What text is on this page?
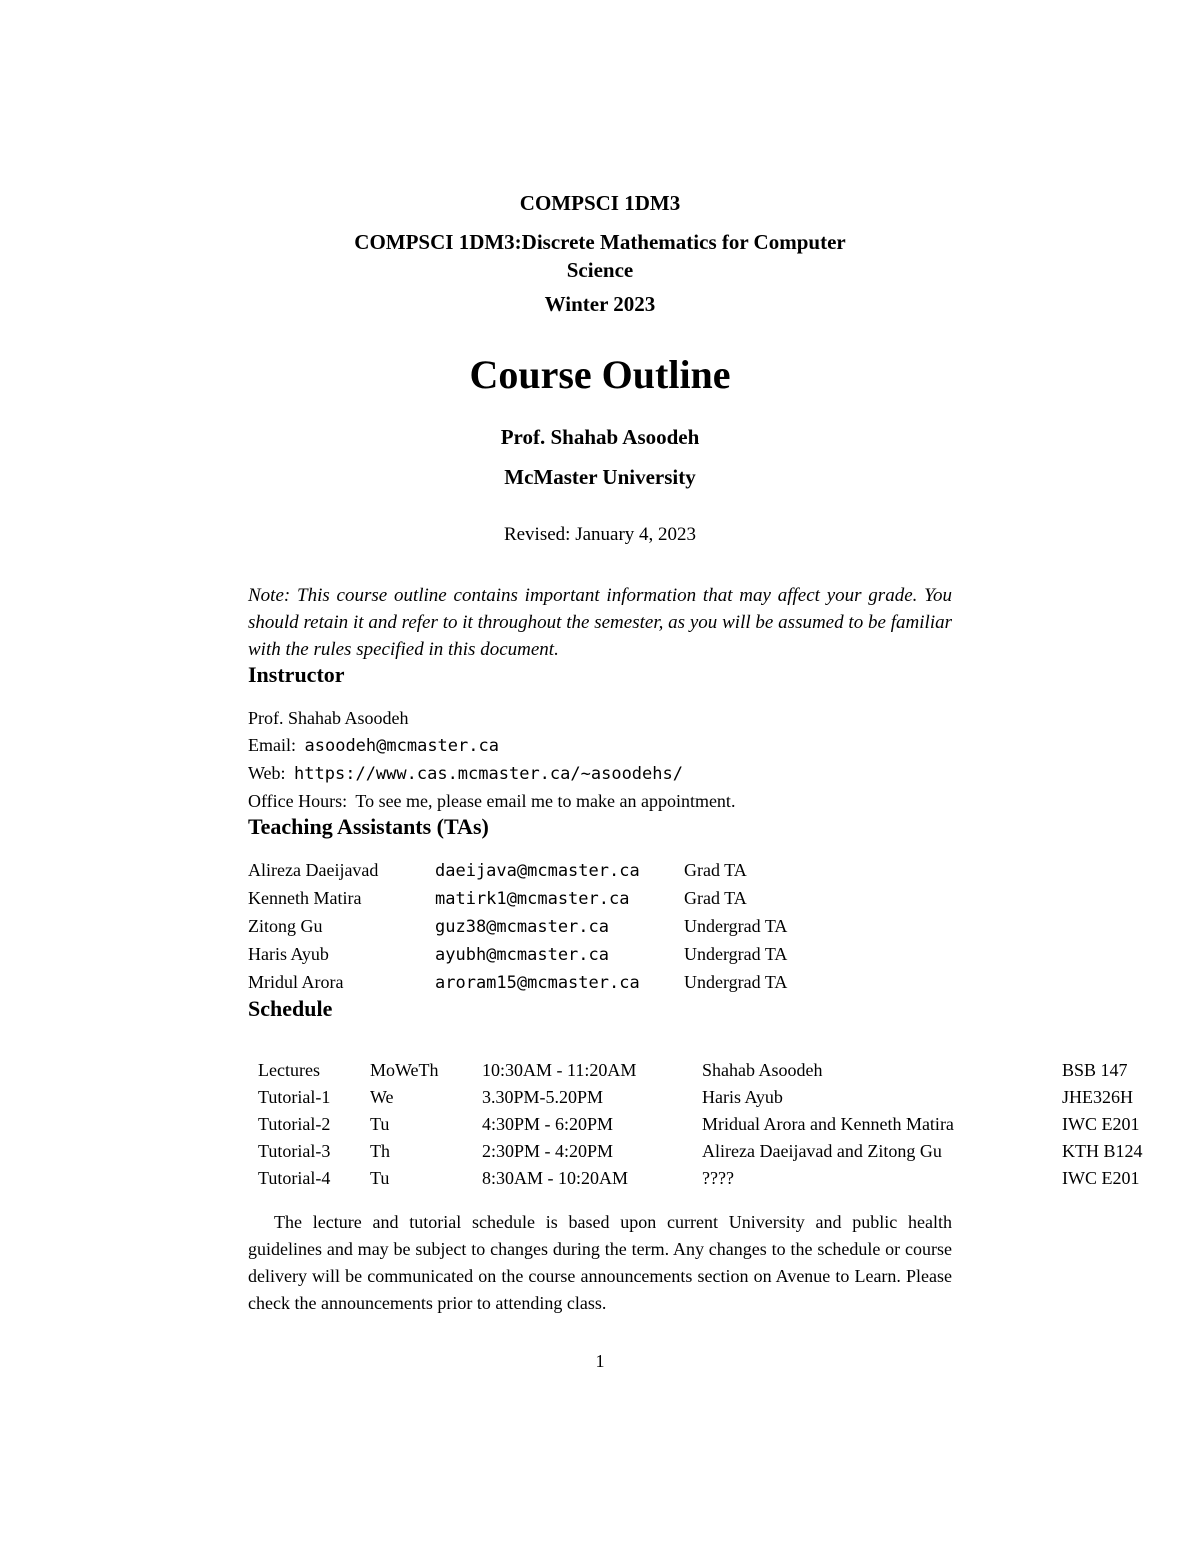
COMPSCI 1DM3
COMPSCI 1DM3:Discrete Mathematics for Computer Science
Winter 2023
Course Outline
Prof. Shahab Asoodeh
McMaster University
Revised: January 4, 2023

Note: This course outline contains important information that may affect your grade. You should retain it and refer to it throughout the semester, as you will be assumed to be familiar with the rules specified in this document.

Instructor
Prof. Shahab Asoodeh
Email: asoodeh@mcmaster.ca
Web: https://www.cas.mcmaster.ca/~asoodehs/
Office Hours: To see me, please email me to make an appointment.
Teaching Assistants (TAs)
Alireza Daeijavad	daeijava@mcmaster.ca	Grad TA
Kenneth Matira	matirk1@mcmaster.ca	Grad TA
Zitong Gu	guz38@mcmaster.ca	Undergrad TA
Haris Ayub	ayubh@mcmaster.ca	Undergrad TA
Mridul Arora	aroram15@mcmaster.ca	Undergrad TA
Schedule
Lectures	MoWeTh	10:30AM - 11:20AM	Shahab Asoodeh	BSB 147
Tutorial-1	We	3.30PM-5.20PM	Haris Ayub	JHE326H
Tutorial-2	Tu	4:30PM - 6:20PM	Mridual Arora and Kenneth Matira	IWC E201
Tutorial-3	Th	2:30PM - 4:20PM	Alireza Daeijavad and Zitong Gu	KTH B124
Tutorial-4	Tu	8:30AM - 10:20AM	????	IWC E201

The lecture and tutorial schedule is based upon current University and public health guidelines and may be subject to changes during the term. Any changes to the schedule or course delivery will be communicated on the course announcements section on Avenue to Learn. Please check the announcements prior to attending class.

1
